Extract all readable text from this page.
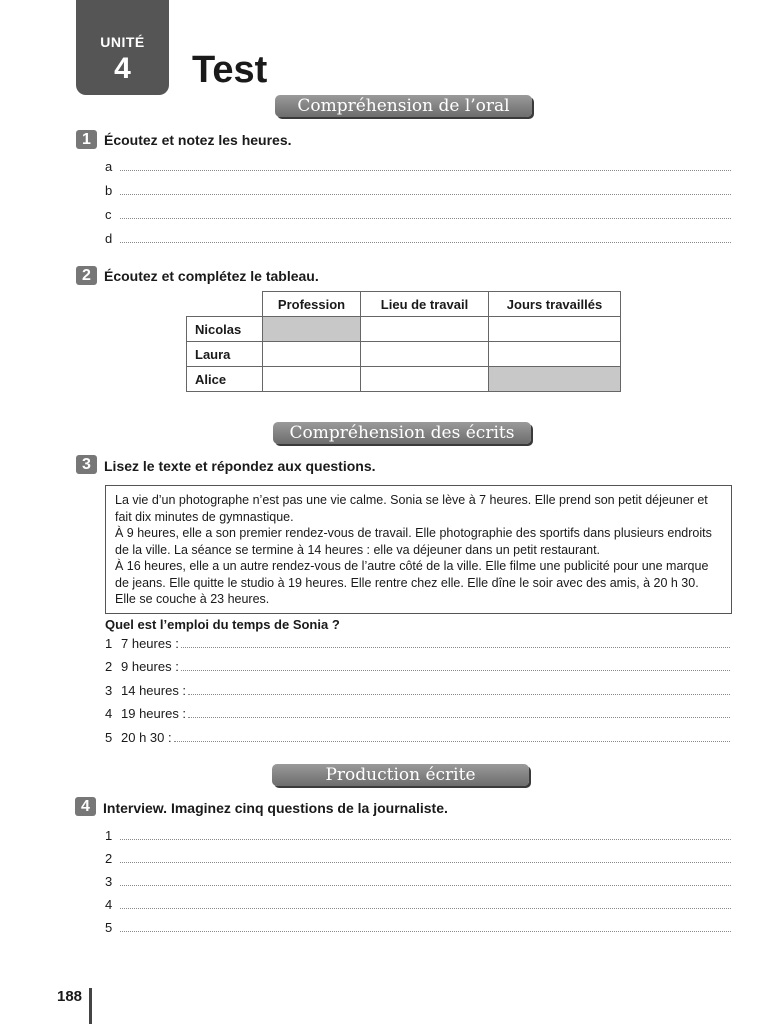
UNITÉ
4	Test
Compréhension de l’oral
1 Écoutez et notez les heures.
a
b
c
d
2 Écoutez et complétez le tableau.
	Profession	Lieu de travail	Jours travaillés
Nicolas			
Laura			
Alice			
Compréhension des écrits
3 Lisez le texte et répondez aux questions.

La vie d’un photographe n’est pas une vie calme. Sonia se lève à 7 heures. Elle prend son petit déjeuner et fait dix minutes de gymnastique.

À 9 heures, elle a son premier rendez-vous de travail. Elle photographie des sportifs dans plusieurs endroits de la ville. La séance se termine à 14 heures : elle va déjeuner dans un petit restaurant.

À 16 heures, elle a un autre rendez-vous de l’autre côté de la ville. Elle filme une publicité pour une marque de jeans. Elle quitte le studio à 19 heures. Elle rentre chez elle. Elle dîne le soir avec des amis, à 20 h 30. Elle se couche à 23 heures.

Quel est l’emploi du temps de Sonia ?
1 7 heures :
2 9 heures :
3 14 heures :
4 19 heures :
5 20 h 30 :
Production écrite
4 Interview. Imaginez cinq questions de la journaliste.
1
2
3
4
5
188
